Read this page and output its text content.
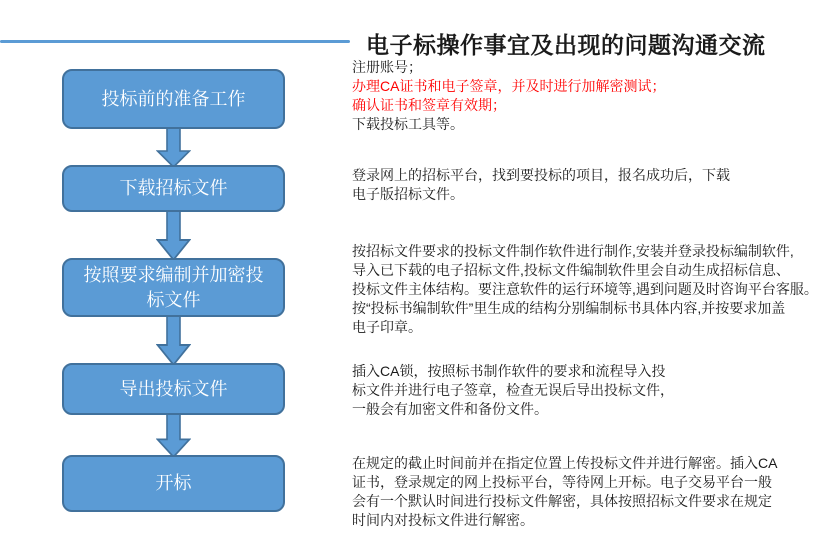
电子标操作事宜及出现的问题沟通交流
投标前的准备工作
下载招标文件
按照要求编制并加密投标文件
导出投标文件
开标
注册账号；
办理CA证书和电子签章，并及时进行加解密测试；
确认证书和签章有效期；
下载投标工具等。
登录网上的招标平台，找到要投标的项目，报名成功后，下载
电子版招标文件。
按招标文件要求的投标文件制作软件进行制作,安装并登录投标编制软件,
导入已下载的电子招标文件,投标文件编制软件里会自动生成招标信息、
投标文件主体结构。要注意软件的运行环境等,遇到问题及时咨询平台客服。
按“投标书编制软件”里生成的结构分别编制标书具体内容,并按要求加盖
电子印章。
插入CA锁，按照标书制作软件的要求和流程导入投
标文件并进行电子签章，检查无误后导出投标文件，
一般会有加密文件和备份文件。
在规定的截止时间前并在指定位置上传投标文件并进行解密。插入CA
证书，登录规定的网上投标平台，等待网上开标。电子交易平台一般
会有一个默认时间进行投标文件解密，具体按照招标文件要求在规定
时间内对投标文件进行解密。
